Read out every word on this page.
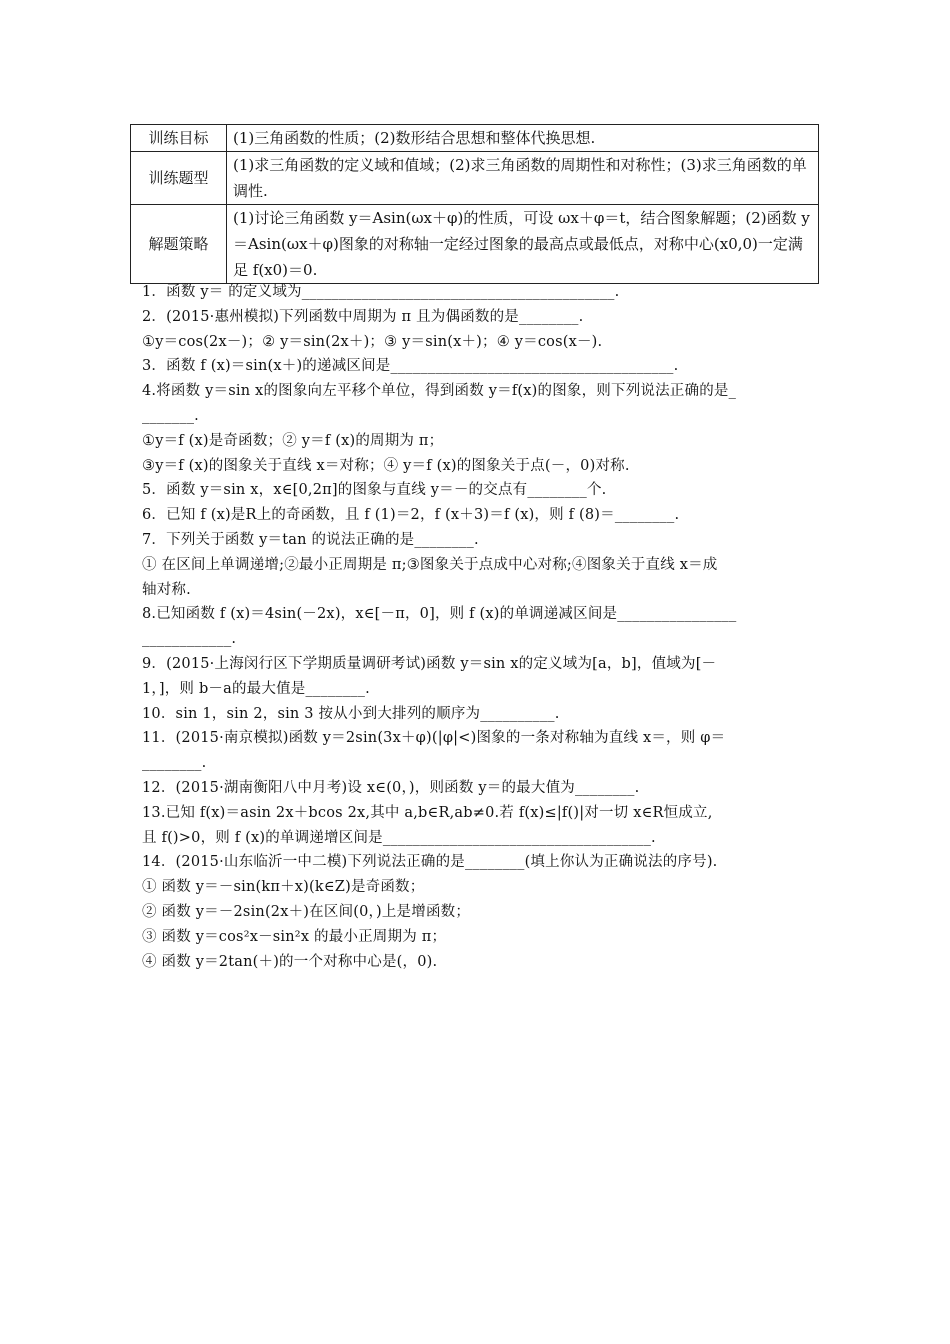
训练目标	(1)三角函数的性质；(2)数形结合思想和整体代换思想.
训练题型	(1)求三角函数的定义域和值域；(2)求三角函数的周期性和对称性；(3)求三角函数的单调性.
解题策略	(1)讨论三角函数 y＝Asin(ωx＋φ)的性质，可设 ωx＋φ＝t，结合图象解题；(2)函数 y＝Asin(ωx＋φ)图象的对称轴一定经过图象的最高点或最低点，对称中心(x0,0)一定满足 f(x0)＝0.
1．函数 y＝ 的定义域为__________________________________________.
2．(2015·惠州模拟)下列函数中周期为 π 且为偶函数的是________.
①y＝cos(2x－)；② y＝sin(2x＋)；③ y＝sin(x＋)；④ y＝cos(x－).
3．函数 f (x)＝sin(x＋)的递减区间是______________________________________.
4.将函数 y＝sin x的图象向左平移个单位，得到函数 y＝f(x)的图象，则下列说法正确的是_
_______.
①y＝f (x)是奇函数；② y＝f (x)的周期为 π；
③y＝f (x)的图象关于直线 x＝对称；④ y＝f (x)的图象关于点(－，0)对称.
5．函数 y＝sin x，x∈[0,2π]的图象与直线 y＝－的交点有________个.
6．已知 f (x)是R上的奇函数，且 f (1)＝2，f (x＋3)＝f (x)，则 f (8)＝________.
7．下列关于函数 y＝tan 的说法正确的是________.
① 在区间上单调递增;②最小正周期是 π;③图象关于点成中心对称;④图象关于直线 x＝成
轴对称.
8.已知函数 f (x)＝4sin(－2x)，x∈[－π，0]，则 f (x)的单调递减区间是________________
____________.
9．(2015·上海闵行区下学期质量调研考试)函数 y＝sin x的定义域为[a，b]，值域为[－
1，]，则 b－a的最大值是________.
10．sin 1，sin 2，sin 3 按从小到大排列的顺序为__________.
11．(2015·南京模拟)函数 y＝2sin(3x＋φ)(|φ|<)图象的一条对称轴为直线 x＝，则 φ＝
________.
12．(2015·湖南衡阳八中月考)设 x∈(0，)，则函数 y＝的最大值为________.
13.已知 f(x)＝asin 2x＋bcos 2x,其中 a,b∈R,ab≠0.若 f(x)≤|f()|对一切 x∈R恒成立,
且 f()>0，则 f (x)的单调递增区间是____________________________________.
14．(2015·山东临沂一中二模)下列说法正确的是________(填上你认为正确说法的序号).
① 函数 y＝－sin(kπ＋x)(k∈Z)是奇函数；
② 函数 y＝－2sin(2x＋)在区间(0，)上是增函数；
③ 函数 y＝cos²x－sin²x 的最小正周期为 π；
④ 函数 y＝2tan(＋)的一个对称中心是(，0).
